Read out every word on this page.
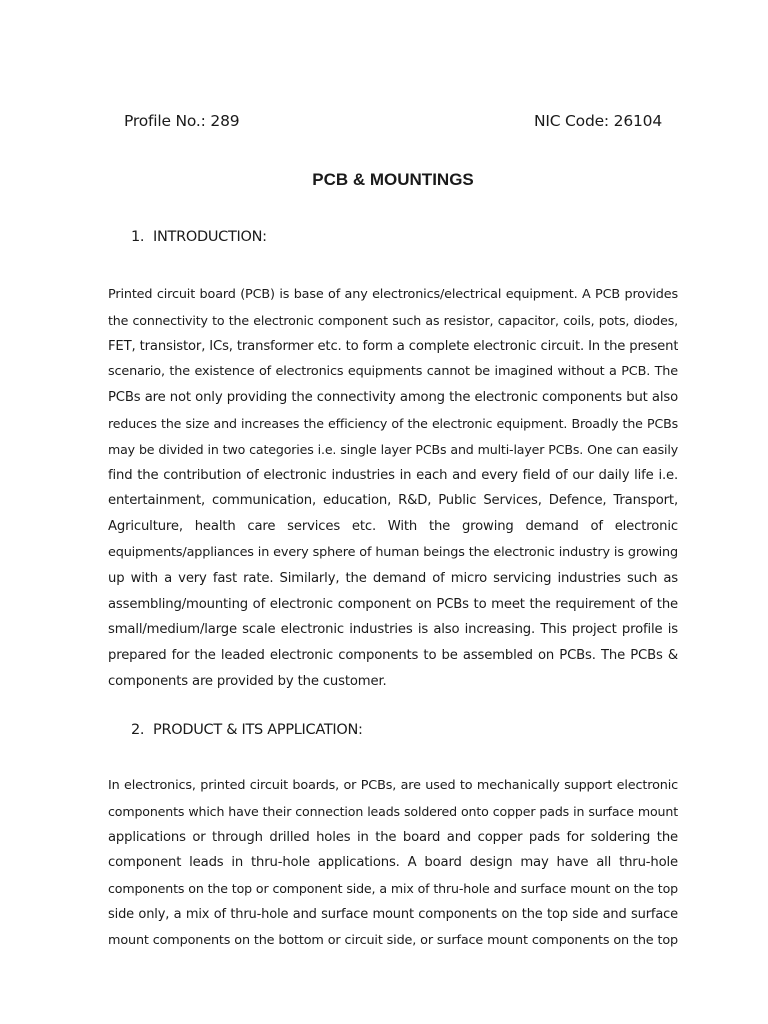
Profile No.: 289	NIC Code: 26104
PCB & MOUNTINGS
1. INTRODUCTION:
Printed circuit board (PCB) is base of any electronics/electrical equipment. A PCB provides
the connectivity to the electronic component such as resistor, capacitor, coils, pots, diodes,
FET, transistor, ICs, transformer etc. to form a complete electronic circuit. In the present
scenario, the existence of electronics equipments cannot be imagined without a PCB. The
PCBs are not only providing the connectivity among the electronic components but also
reduces the size and increases the efficiency of the electronic equipment. Broadly the PCBs
may be divided in two categories i.e. single layer PCBs and multi-layer PCBs. One can easily
find the contribution of electronic industries in each and every field of our daily life i.e.
entertainment, communication, education, R&D, Public Services, Defence, Transport,
Agriculture, health care services etc. With the growing demand of electronic
equipments/appliances in every sphere of human beings the electronic industry is growing
up with a very fast rate. Similarly, the demand of micro servicing industries such as
assembling/mounting of electronic component on PCBs to meet the requirement of the
small/medium/large scale electronic industries is also increasing. This project profile is
prepared for the leaded electronic components to be assembled on PCBs. The PCBs &
components are provided by the customer.
2. PRODUCT & ITS APPLICATION:
In electronics, printed circuit boards, or PCBs, are used to mechanically support electronic
components which have their connection leads soldered onto copper pads in surface mount
applications or through drilled holes in the board and copper pads for soldering the
component leads in thru-hole applications. A board design may have all thru-hole
components on the top or component side, a mix of thru-hole and surface mount on the top
side only, a mix of thru-hole and surface mount components on the top side and surface
mount components on the bottom or circuit side, or surface mount components on the top
